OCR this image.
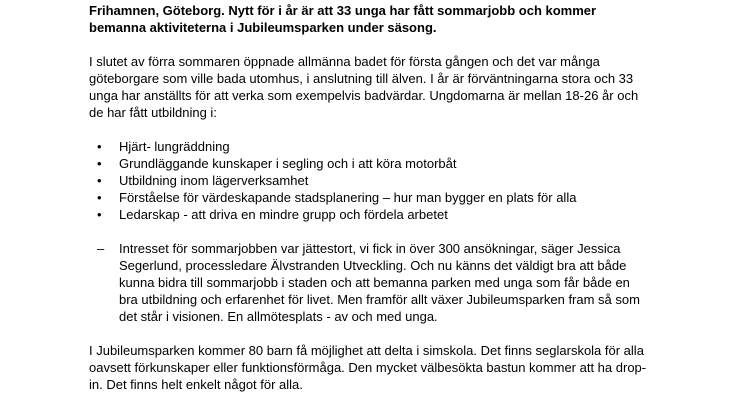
Frihamnen, Göteborg. Nytt för i år är att 33 unga har fått sommarjobb och kommer bemanna aktiviteterna i Jubileumsparken under säsong.

I slutet av förra sommaren öppnade allmänna badet för första gången och det var många göteborgare som ville bada utomhus, i anslutning till älven. I år är förväntningarna stora och 33 unga har anställts för att verka som exempelvis badvärdar. Ungdomarna är mellan 18-26 år och de har fått utbildning i:

•	Hjärt- lungräddning
•	Grundläggande kunskaper i segling och i att köra motorbåt
•	Utbildning inom lägerverksamhet
•	Förståelse för värdeskapande stadsplanering – hur man bygger en plats för alla
•	Ledarskap - att driva en mindre grupp och fördela arbetet
– Intresset för sommarjobben var jättestort, vi fick in över 300 ansökningar, säger Jessica Segerlund, processledare Älvstranden Utveckling. Och nu känns det väldigt bra att både kunna bidra till sommarjobb i staden och att bemanna parken med unga som får både en bra utbildning och erfarenhet för livet. Men framför allt växer Jubileumsparken fram så som det står i visionen. En allmötesplats - av och med unga.

I Jubileumsparken kommer 80 barn få möjlighet att delta i simskola. Det finns seglarskola för alla oavsett förkunskaper eller funktionsförmåga. Den mycket välbesökta bastun kommer att ha drop-in. Det finns helt enkelt något för alla.
